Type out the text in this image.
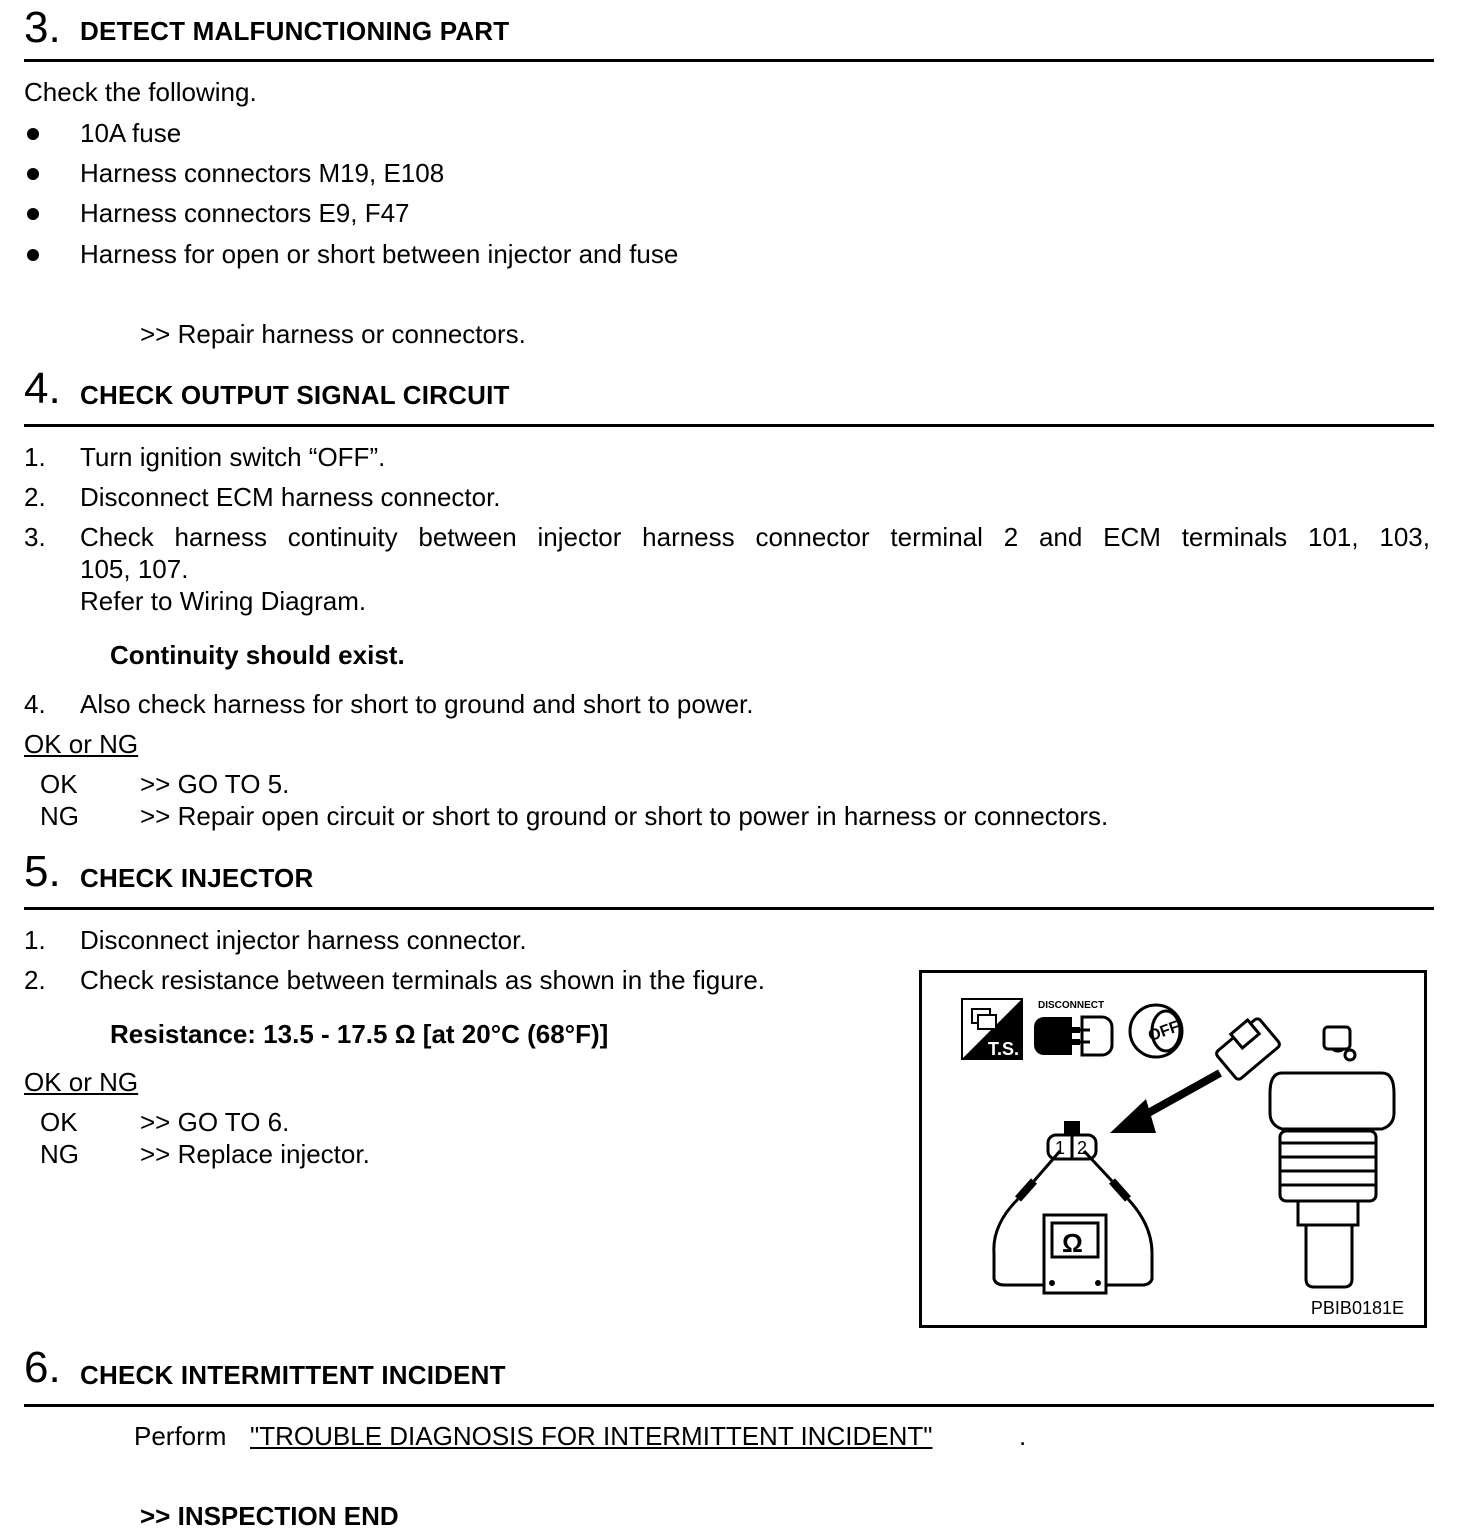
3. DETECT MALFUNCTIONING PART
Check the following.
10A fuse
Harness connectors M19, E108
Harness connectors E9, F47
Harness for open or short between injector and fuse
>> Repair harness or connectors.
4. CHECK OUTPUT SIGNAL CIRCUIT
1. Turn ignition switch “OFF”.
2. Disconnect ECM harness connector.
3. Check harness continuity between injector harness connector terminal 2 and ECM terminals 101, 103,
105, 107.
Refer to Wiring Diagram.
Continuity should exist.
4. Also check harness for short to ground and short to power.
OK or NG
OK >> GO TO 5.
NG >> Repair open circuit or short to ground or short to power in harness or connectors.
5. CHECK INJECTOR
1. Disconnect injector harness connector.
2. Check resistance between terminals as shown in the figure.
Resistance: 13.5 - 17.5 Ω [at 20°C (68°F)]
OK or NG
OK >> GO TO 6.
NG >> Replace injector.
T.S.
DISCONNECT
OFF
1 2
Ω
PBIB0181E
6. CHECK INTERMITTENT INCIDENT
Perform "TROUBLE DIAGNOSIS FOR INTERMITTENT INCIDENT"	.
>> INSPECTION END
